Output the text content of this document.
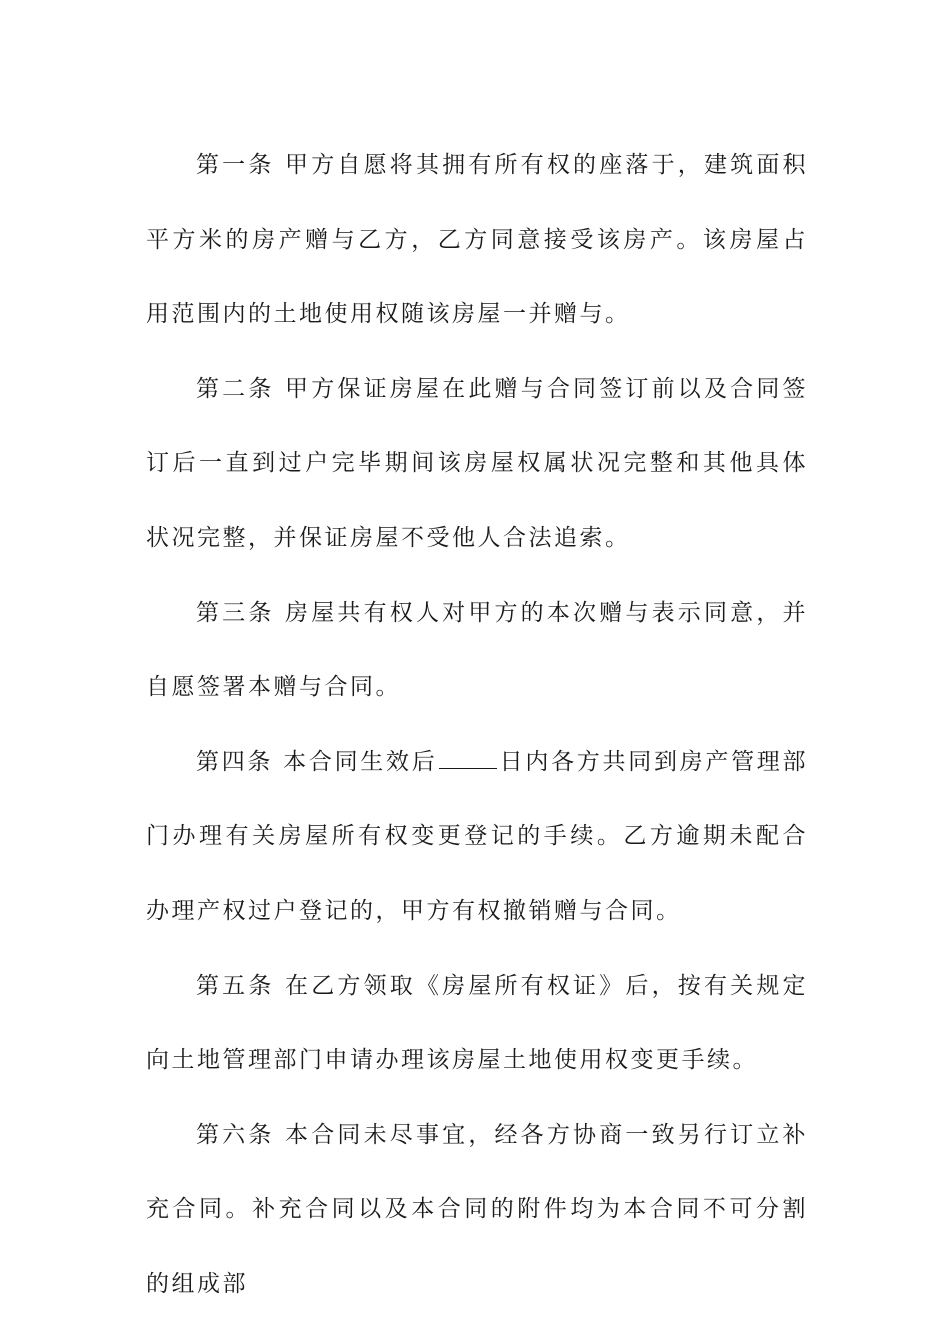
第一条 甲方自愿将其拥有所有权的座落于，建筑面积 平方米的房产赠与乙方，乙方同意接受该房产。该房屋占用范围内的土地使用权随该房屋一并赠与。

第二条 甲方保证房屋在此赠与合同签订前以及合同签订后一直到过户完毕期间该房屋权属状况完整和其他具体状况完整，并保证房屋不受他人合法追索。

第三条 房屋共有权人对甲方的本次赠与表示同意，并自愿签署本赠与合同。

第四条 本合同生效后	日内各方共同到房产管理部门办理有关房屋所有权变更登记的手续。乙方逾期未配合办理产权过户登记的，甲方有权撤销赠与合同。

第五条 在乙方领取《房屋所有权证》后，按有关规定向土地管理部门申请办理该房屋土地使用权变更手续。

第六条 本合同未尽事宜，经各方协商一致另行订立补充合同。补充合同以及本合同的附件均为本合同不可分割的组成部
